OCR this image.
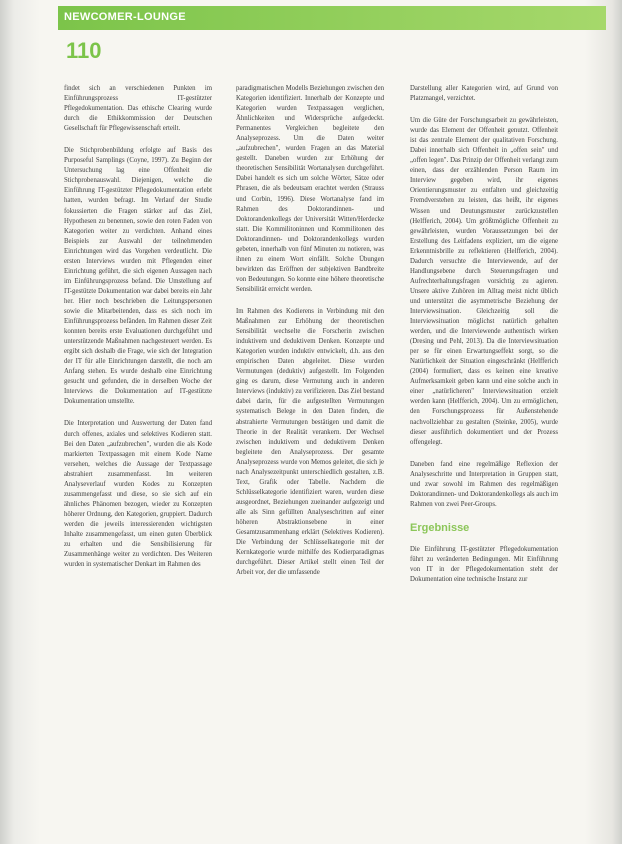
NEWCOMER-LOUNGE
110

findet sich an verschiedenen Punkten im Einführungsprozess IT-gestützter Pflegedokumentation. Das ethische Clearing wurde durch die Ethikkommission der Deutschen Gesellschaft für Pflegewissenschaft erteilt.

Die Stichprobenbildung erfolgte auf Basis des Purposeful Samplings (Coyne, 1997). Zu Beginn der Untersuchung lag eine Offenheit die Stichprobenauswahl. Diejenigen, welche die Einführung IT-gestützter Pflegedokumentation erlebt hatten, wurden befragt. Im Verlauf der Studie fokussierten die Fragen stärker auf das Ziel, Hypothesen zu benennen, sowie den roten Faden von Kategorien weiter zu verdichten. Anhand eines Beispiels zur Auswahl der teilnehmenden Einrichtungen wird das Vorgehen verdeutlicht. Die ersten Interviews wurden mit Pflegenden einer Einrichtung geführt, die sich eigenen Aussagen nach im Einführungsprozess befand. Die Umstellung auf IT-gestützte Dokumentation war dabei bereits ein Jahr her. Hier noch beschrieben die Leitungspersonen sowie die Mitarbeitenden, dass es sich noch im Einführungsprozess befänden. Im Rahmen dieser Zeit konnten bereits erste Evaluationen durchgeführt und unterstützende Maßnahmen nachgesteuert werden. Es ergibt sich deshalb die Frage, wie sich der Integration der IT für alle Einrichtungen darstellt, die noch am Anfang stehen. Es wurde deshalb eine Einrichtung gesucht und gefunden, die in derselben Woche der Interviews die Dokumentation auf IT-gestützte Dokumentation umstellte.

Die Interpretation und Auswertung der Daten fand durch offenes, axiales und selektives Kodieren statt. Bei den Daten „aufzubrechen", wurden die als Kode markierten Textpassagen mit einem Kode Name versehen, welches die Aussage der Textpassage abstrahiert zusammenfasst. Im weiteren Analyseverlauf wurden Kodes zu Konzepten zusammengefasst und diese, so sie sich auf ein ähnliches Phänomen bezogen, wieder zu Konzepten höherer Ordnung, den Kategorien, gruppiert. Dadurch werden die jeweils interessierenden wichtigsten Inhalte zusammengefasst, um einen guten Überblick zu erhalten und die Sensibilisierung für Zusammenhänge weiter zu verdichten. Des Weiteren wurden in systematischer Denkart im Rahmen des

paradigmatischen Modells Beziehungen zwischen den Kategorien identifiziert. Innerhalb der Konzepte und Kategorien wurden Textpassagen verglichen, Ähnlichkeiten und Widersprüche aufgedeckt. Permanentes Vergleichen begleitete den Analyseprozess. Um die Daten weiter „aufzubrechen", wurden Fragen an das Material gestellt. Daneben wurden zur Erhöhung der theoretischen Sensibilität Wortanalysen durchgeführt. Dabei handelt es sich um solche Wörter, Sätze oder Phrasen, die als bedeutsam erachtet werden (Strauss und Corbin, 1996). Diese Wortanalyse fand im Rahmen des Doktorandinnen- und Doktorandenkollegs der Universität Witten/Herdecke statt. Die Kommilitoninnen und Kommilitonen des Doktorandinnen- und Doktorandenkollegs wurden gebeten, innerhalb von fünf Minuten zu notieren, was ihnen zu einem Wort einfällt. Solche Übungen bewirkten das Eröffnen der subjektiven Bandbreite von Bedeutungen. So konnte eine höhere theoretische Sensibilität erreicht werden.

Im Rahmen des Kodierens in Verbindung mit den Maßnahmen zur Erhöhung der theoretischen Sensibilität wechselte die Forscherin zwischen induktivem und deduktivem Denken. Konzepte und Kategorien wurden induktiv entwickelt, d.h. aus den empirischen Daten abgeleitet. Diese wurden Vermutungen (deduktiv) aufgestellt. Im Folgenden ging es darum, diese Vermutung auch in anderen Interviews (induktiv) zu verifizieren. Das Ziel bestand dabei darin, für die aufgestellten Vermutungen systematisch Belege in den Daten finden, die abstrahierte Vermutungen bestätigen und damit die Theorie in der Realität verankern. Der Wechsel zwischen induktivem und deduktivem Denken begleitete den Analyseprozess. Der gesamte Analyseprozess wurde von Memos geleitet, die sich je nach Analysezeitpunkt unterschiedlich gestalten, z.B. Text, Grafik oder Tabelle. Nachdem die Schlüsselkategorie identifiziert waren, wurden diese ausgeordnet, Beziehungen zueinander aufgezeigt und alle als Sinn gefüllten Analyseschritten auf einer höheren Abstraktionsebene in einer Gesamtzusammenhang erklärt (Selektives Kodieren). Die Verbindung der Schlüsselkategorie mit der Kernkategorie wurde mithilfe des Kodierparadigmas durchgeführt. Dieser Artikel stellt einen Teil der Arbeit vor, der die umfassende

Darstellung aller Kategorien wird, auf Grund von Platzmangel, verzichtet.

Um die Güte der Forschungsarbeit zu gewährleisten, wurde das Element der Offenheit genutzt. Offenheit ist das zentrale Element der qualitativen Forschung. Dabei innerhalb sich Offenheit in „offen sein" und „offen legen". Das Prinzip der Offenheit verlangt zum einen, dass der erzählenden Person Raum im Interview gegeben wird, ihr eigenes Orientierungsmuster zu entfalten und gleichzeitig Fremdverstehen zu leisten, das heißt, ihr eigenes Wissen und Deutungsmuster zurückzustellen (Helfferich, 2004). Um größtmögliche Offenheit zu gewährleisten, wurden Voraussetzungen bei der Erstellung des Leitfadens expliziert, um die eigene Erkenntnisbrille zu reflektieren (Helfferich, 2004). Dadurch versuchte die Interviewende, auf der Handlungsebene durch Steuerungsfragen und Aufrechterhaltungsfragen vorsichtig zu agieren. Unsere aktive Zuhören im Alltag meist nicht üblich und unterstützt die asymmetrische Beziehung der Interviewsituation. Gleichzeitig soll die Interviewsituation möglichst natürlich gehalten werden, und die Interviewende authentisch wirken (Dresing und Pehl, 2013). Da die Interviewsituation per se für einen Erwartungseffekt sorgt, so die Natürlichkeit der Situation eingeschränkt (Helfferich (2004) formuliert, dass es keinen eine kreative Aufmerksamkeit geben kann und eine solche auch in einer „natürlicheren" Interviewsituation erzielt werden kann (Helfferich, 2004). Um zu ermöglichen, den Forschungsprozess für Außenstehende nachvollziehbar zu gestalten (Steinke, 2005), wurde dieser ausführlich dokumentiert und der Prozess offengelegt.

Daneben fand eine regelmäßige Reflexion der Analyseschritte und Interpretation in Gruppen statt, und zwar sowohl im Rahmen des regelmäßigen Doktorandinnen- und Doktorandenkollegs als auch im Rahmen von zwei Peer-Groups.

Ergebnisse

Die Einführung IT-gestützter Pflegedokumentation führt zu veränderten Bedingungen. Mit Einführung von IT in der Pflegedokumentation steht der Dokumentation eine technische Instanz zur
